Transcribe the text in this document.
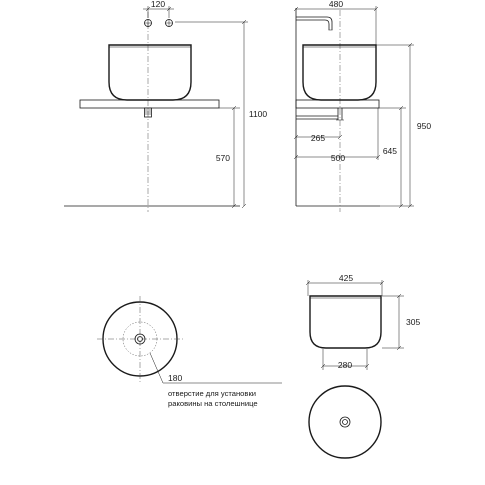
120
1100
570
480
265
500
950
645
180
отверстие для установки
раковины на столешнице
425
305
280
